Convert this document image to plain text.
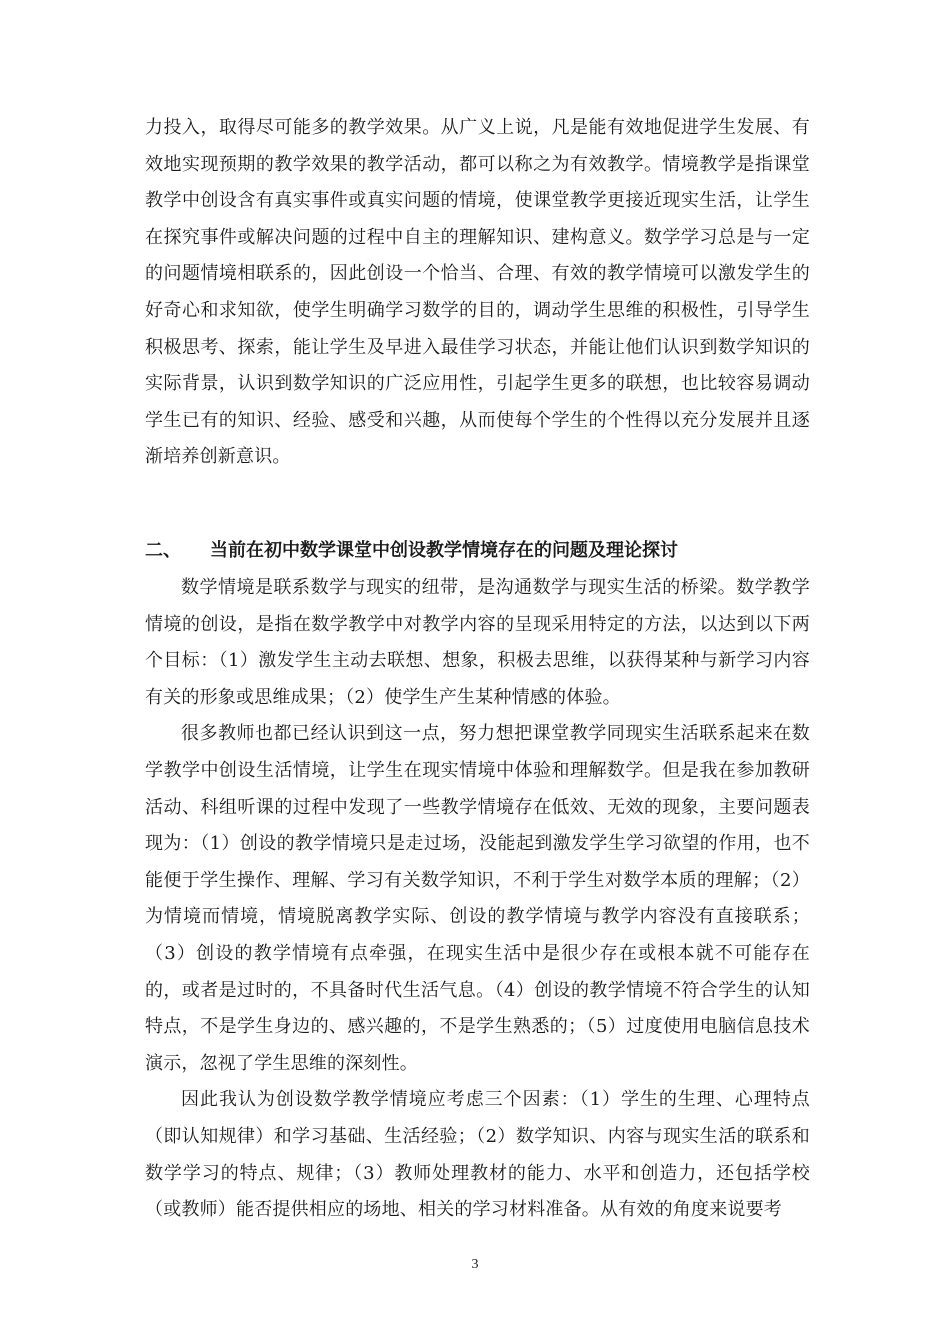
力投入，取得尽可能多的教学效果。从广义上说，凡是能有效地促进学生发展、有效地实现预期的教学效果的教学活动，都可以称之为有效教学。情境教学是指课堂教学中创设含有真实事件或真实问题的情境，使课堂教学更接近现实生活，让学生在探究事件或解决问题的过程中自主的理解知识、建构意义。数学学习总是与一定的问题情境相联系的，因此创设一个恰当、合理、有效的教学情境可以激发学生的好奇心和求知欲，使学生明确学习数学的目的，调动学生思维的积极性，引导学生积极思考、探索，能让学生及早进入最佳学习状态，并能让他们认识到数学知识的实际背景，认识到数学知识的广泛应用性，引起学生更多的联想，也比较容易调动学生已有的知识、经验、感受和兴趣，从而使每个学生的个性得以充分发展并且逐渐培养创新意识。

二、 当前在初中数学课堂中创设教学情境存在的问题及理论探讨

数学情境是联系数学与现实的纽带，是沟通数学与现实生活的桥梁。数学教学情境的创设，是指在数学教学中对教学内容的呈现采用特定的方法，以达到以下两个目标：（1）激发学生主动去联想、想象，积极去思维，以获得某种与新学习内容有关的形象或思维成果；（2）使学生产生某种情感的体验。

很多教师也都已经认识到这一点，努力想把课堂教学同现实生活联系起来在数学教学中创设生活情境，让学生在现实情境中体验和理解数学。但是我在参加教研活动、科组听课的过程中发现了一些教学情境存在低效、无效的现象，主要问题表现为：（1）创设的教学情境只是走过场，没能起到激发学生学习欲望的作用，也不能便于学生操作、理解、学习有关数学知识，不利于学生对数学本质的理解；（2）为情境而情境，情境脱离教学实际、创设的教学情境与教学内容没有直接联系；（3）创设的教学情境有点牵强，在现实生活中是很少存在或根本就不可能存在的，或者是过时的，不具备时代生活气息。（4）创设的教学情境不符合学生的认知特点，不是学生身边的、感兴趣的，不是学生熟悉的；（5）过度使用电脑信息技术演示，忽视了学生思维的深刻性。

因此我认为创设数学教学情境应考虑三个因素：（1）学生的生理、心理特点（即认知规律）和学习基础、生活经验；（2）数学知识、内容与现实生活的联系和数学学习的特点、规律；（3）教师处理教材的能力、水平和创造力，还包括学校（或教师）能否提供相应的场地、相关的学习材料准备。从有效的角度来说要考

3
